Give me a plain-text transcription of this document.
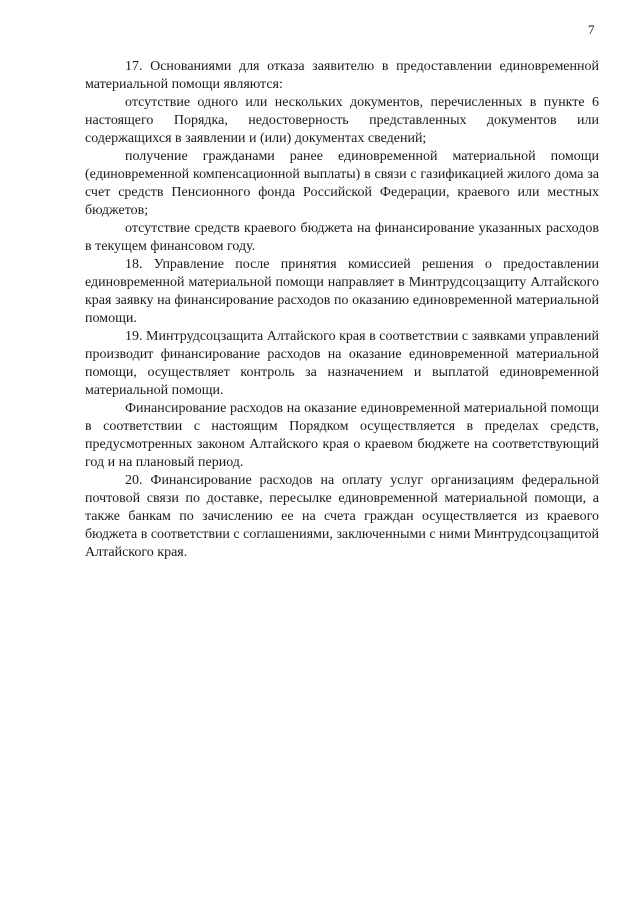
7

17. Основаниями для отказа заявителю в предоставлении единовременной материальной помощи являются:

отсутствие одного или нескольких документов, перечисленных в пункте 6 настоящего Порядка, недостоверность представленных документов или содержащихся в заявлении и (или) документах сведений;

получение гражданами ранее единовременной материальной помощи (единовременной компенсационной выплаты) в связи с газификацией жилого дома за счет средств Пенсионного фонда Российской Федерации, краевого или местных бюджетов;

отсутствие средств краевого бюджета на финансирование указанных расходов в текущем финансовом году.

18. Управление после принятия комиссией решения о предоставлении единовременной материальной помощи направляет в Минтрудсоцзащиту Алтайского края заявку на финансирование расходов по оказанию единовременной материальной помощи.

19. Минтрудсоцзащита Алтайского края в соответствии с заявками управлений производит финансирование расходов на оказание единовременной материальной помощи, осуществляет контроль за назначением и выплатой единовременной материальной помощи.

Финансирование расходов на оказание единовременной материальной помощи в соответствии с настоящим Порядком осуществляется в пределах средств, предусмотренных законом Алтайского края о краевом бюджете на соответствующий год и на плановый период.

20. Финансирование расходов на оплату услуг организациям федеральной почтовой связи по доставке, пересылке единовременной материальной помощи, а также банкам по зачислению ее на счета граждан осуществляется из краевого бюджета в соответствии с соглашениями, заключенными с ними Минтрудсоцзащитой Алтайского края.
